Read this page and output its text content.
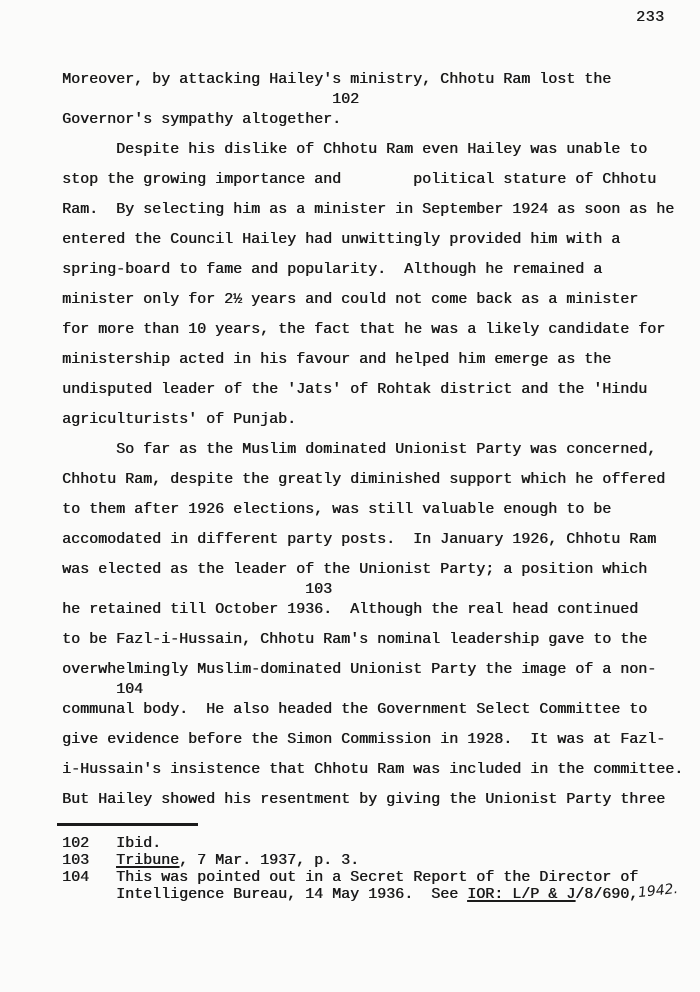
233
Moreover, by attacking Hailey's ministry, Chhotu Ram lost the
102
Governor's sympathy altogether.
Despite his dislike of Chhotu Ram even Hailey was unable to
stop the growing importance and        political stature of Chhotu
Ram.  By selecting him as a minister in September 1924 as soon as he
entered the Council Hailey had unwittingly provided him with a
spring-board to fame and popularity.  Although he remained a
minister only for 2½ years and could not come back as a minister
for more than 10 years, the fact that he was a likely candidate for
ministership acted in his favour and helped him emerge as the
undisputed leader of the 'Jats' of Rohtak district and the 'Hindu
agriculturists' of Punjab.
So far as the Muslim dominated Unionist Party was concerned,
Chhotu Ram, despite the greatly diminished support which he offered
to them after 1926 elections, was still valuable enough to be
accomodated in different party posts.  In January 1926, Chhotu Ram
was elected as the leader of the Unionist Party; a position which
103
he retained till October 1936.  Although the real head continued
to be Fazl-i-Hussain, Chhotu Ram's nominal leadership gave to the
overwhelmingly Muslim-dominated Unionist Party the image of a non-
104
communal body.  He also headed the Government Select Committee to
give evidence before the Simon Commission in 1928.  It was at Fazl-
i-Hussain's insistence that Chhotu Ram was included in the committee.
But Hailey showed his resentment by giving the Unionist Party three
102   Ibid.
103   Tribune, 7 Mar. 1937, p. 3.
104   This was pointed out in a Secret Report of the Director of
Intelligence Bureau, 14 May 1936.  See IOR: L/P & J/8/690,1942.
